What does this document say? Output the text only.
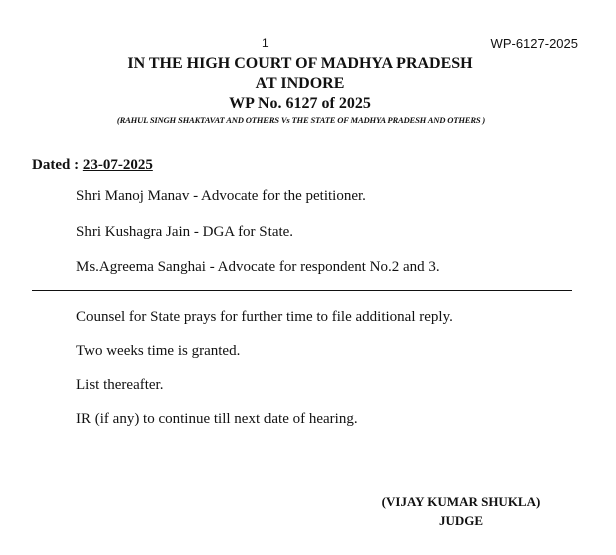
1	WP-6127-2025
IN THE HIGH COURT OF MADHYA PRADESH
AT INDORE
WP No. 6127 of 2025
(RAHUL SINGH SHAKTAVAT AND OTHERS Vs THE STATE OF MADHYA PRADESH AND OTHERS )
Dated : 23-07-2025
Shri Manoj Manav - Advocate for the petitioner.
Shri Kushagra Jain - DGA for State.
Ms.Agreema Sanghai - Advocate for respondent No.2 and 3.
Counsel for State prays for further time to file additional reply.
Two weeks time is granted.
List thereafter.
IR (if any) to continue till next date of hearing.
(VIJAY KUMAR SHUKLA)
JUDGE
